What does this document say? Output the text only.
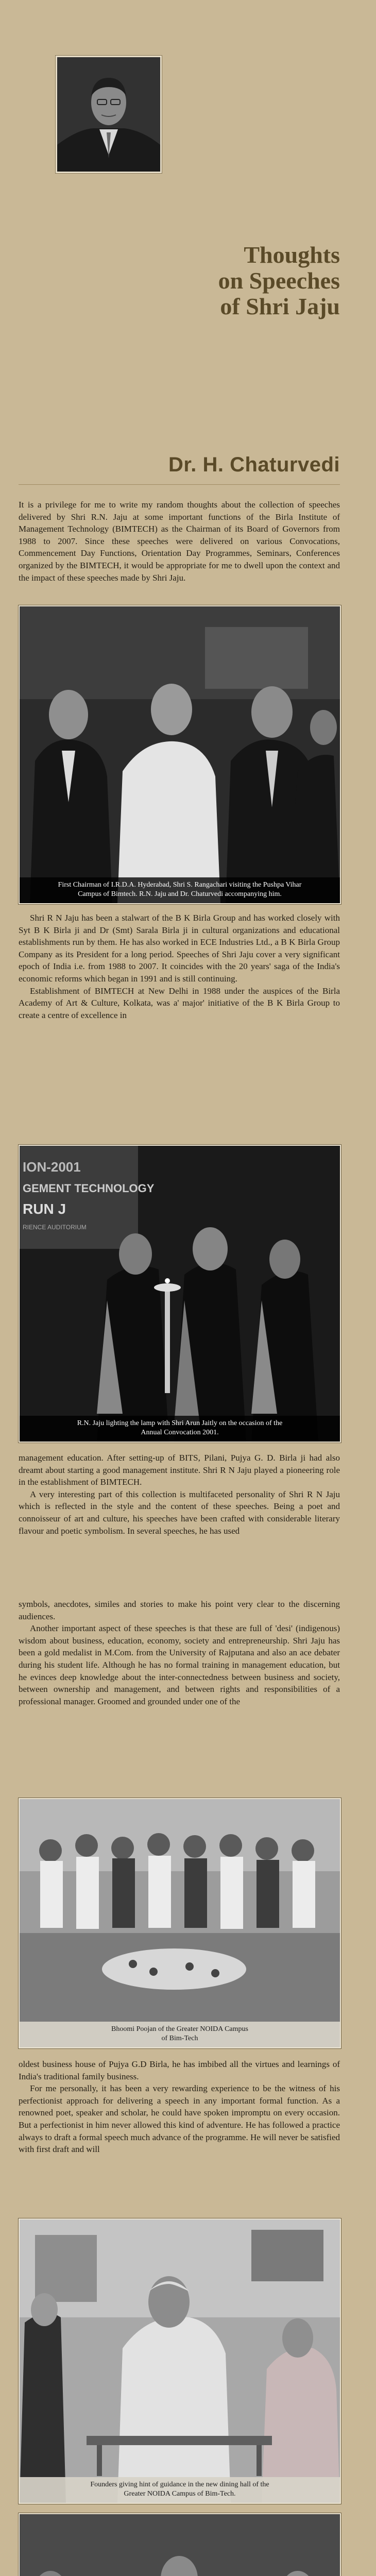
Thoughts
on Speeches
of Shri Jaju
Dr. H. Chaturvedi

It is a privilege for me to write my random thoughts about the collection of speeches delivered by Shri R.N. Jaju at some important functions of the Birla Institute of Management Technology (BIMTECH) as the Chairman of its Board of Governors from 1988 to 2007. Since these speeches were delivered on various Convocations, Commencement Day Functions, Orientation Day Programmes, Seminars, Conferences organized by the BIMTECH, it would be appropriate for me to dwell upon the context and the impact of these speeches made by Shri Jaju.

First Chairman of I.R.D.A. Hyderabad, Shri S. Rangachari visiting the Pushpa Vihar
Campus of Bimtech. R.N. Jaju and Dr. Chaturvedi accompanying him.

Shri R N Jaju has been a stalwart of the B K Birla Group and has worked closely with Syt B K Birla ji and Dr (Smt) Sarala Birla ji in cultural organizations and educational establishments run by them. He has also worked in ECE Industries Ltd., a B K Birla Group Company as its President for a long period. Speeches of Shri Jaju cover a very significant epoch of India i.e. from 1988 to 2007. It coincides with the 20 years' saga of the India's economic reforms which began in 1991 and is still continuing.

Establishment of BIMTECH at New Delhi in 1988 under the auspices of the Birla Academy of Art & Culture, Kolkata, was a' major' initiative of the B K Birla Group to create a centre of excellence in

ION-2001
GEMENT TECHNOLOGY
RUN J
RIENCE AUDITORIUM
R.N. Jaju lighting the lamp with Shri Arun Jaitly on the occasion of the
Annual Convocation 2001.

management education. After setting-up of BITS, Pilani, Pujya G. D. Birla ji had also dreamt about starting a good management institute. Shri R N Jaju played a pioneering role in the establishment of BIMTECH.

A very interesting part of this collection is multifaceted personality of Shri R N Jaju which is reflected in the style and the content of these speeches. Being a poet and connoisseur of art and culture, his speeches have been crafted with considerable literary flavour and poetic symbolism. In several speeches, he has used

symbols, anecdotes, similes and stories to make his point very clear to the discerning audiences.

Another important aspect of these speeches is that these are full of 'desi' (indigenous) wisdom about business, education, economy, society and entrepreneurship. Shri Jaju has been a gold medalist in M.Com. from the University of Rajputana and also an ace debater during his student life. Although he has no formal training in management education, but he evinces deep knowledge about the inter-connectedness between business and society, between ownership and management, and between rights and responsibilities of a professional manager. Groomed and grounded under one of the

Bhoomi Poojan of the Greater NOIDA Campus
of Bim-Tech

oldest business house of Pujya G.D Birla, he has imbibed all the virtues and learnings of India's traditional family business.

For me personally, it has been a very rewarding experience to be the witness of his perfectionist approach for delivering a speech in any important formal function. As a renowned poet, speaker and scholar, he could have spoken impromptu on every occasion. But a perfectionist in him never allowed this kind of adventure. He has followed a practice always to draft a formal speech much advance of the programme. He will never be satisfied with first draft and will

Founders giving hint of guidance in the new dining hall of the
Greater NOIDA Campus of Bim-Tech.
